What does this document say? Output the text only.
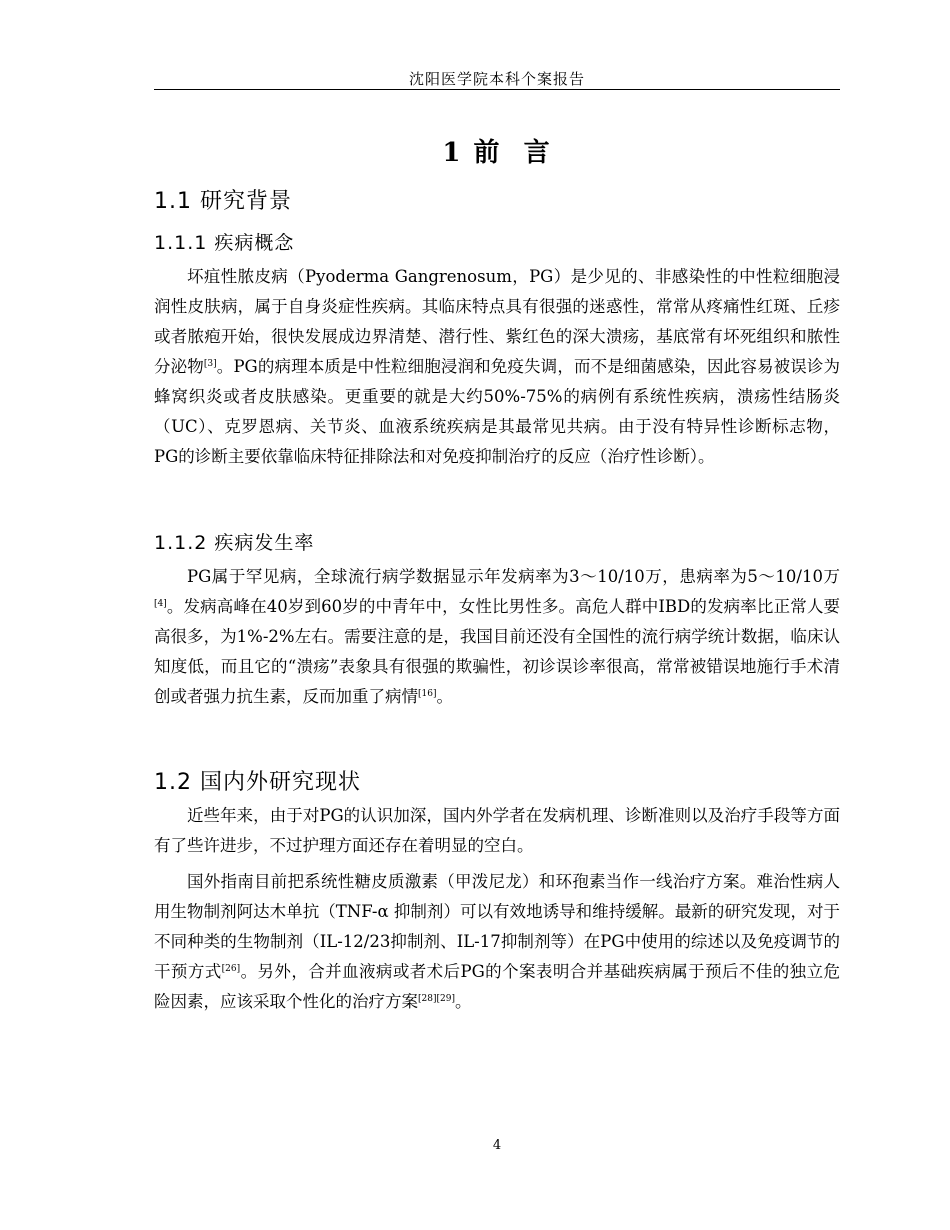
沈阳医学院本科个案报告
1 前  言
1.1 研究背景
1.1.1 疾病概念

坏疽性脓皮病（Pyoderma Gangrenosum，PG）是少见的、非感染性的中性粒细胞浸润性皮肤病，属于自身炎症性疾病。其临床特点具有很强的迷惑性，常常从疼痛性红斑、丘疹或者脓疱开始，很快发展成边界清楚、潜行性、紫红色的深大溃疡，基底常有坏死组织和脓性分泌物[3]。PG的病理本质是中性粒细胞浸润和免疫失调，而不是细菌感染，因此容易被误诊为蜂窝织炎或者皮肤感染。更重要的就是大约50%-75%的病例有系统性疾病，溃疡性结肠炎（UC）、克罗恩病、关节炎、血液系统疾病是其最常见共病。由于没有特异性诊断标志物，PG的诊断主要依靠临床特征排除法和对免疫抑制治疗的反应（治疗性诊断）。

1.1.2 疾病发生率

PG属于罕见病，全球流行病学数据显示年发病率为3～10/10万，患病率为5～10/10万[4]。发病高峰在40岁到60岁的中青年中，女性比男性多。高危人群中IBD的发病率比正常人要高很多，为1%-2%左右。需要注意的是，我国目前还没有全国性的流行病学统计数据，临床认知度低，而且它的“溃疡”表象具有很强的欺骗性，初诊误诊率很高，常常被错误地施行手术清创或者强力抗生素，反而加重了病情[16]。

1.2 国内外研究现状

近些年来，由于对PG的认识加深，国内外学者在发病机理、诊断准则以及治疗手段等方面有了些许进步，不过护理方面还存在着明显的空白。

国外指南目前把系统性糖皮质激素（甲泼尼龙）和环孢素当作一线治疗方案。难治性病人用生物制剂阿达木单抗（TNF-α 抑制剂）可以有效地诱导和维持缓解。最新的研究发现，对于不同种类的生物制剂（IL-12/23抑制剂、IL-17抑制剂等）在PG中使用的综述以及免疫调节的干预方式[26]。另外，合并血液病或者术后PG的个案表明合并基础疾病属于预后不佳的独立危险因素，应该采取个性化的治疗方案[28][29]。

4
